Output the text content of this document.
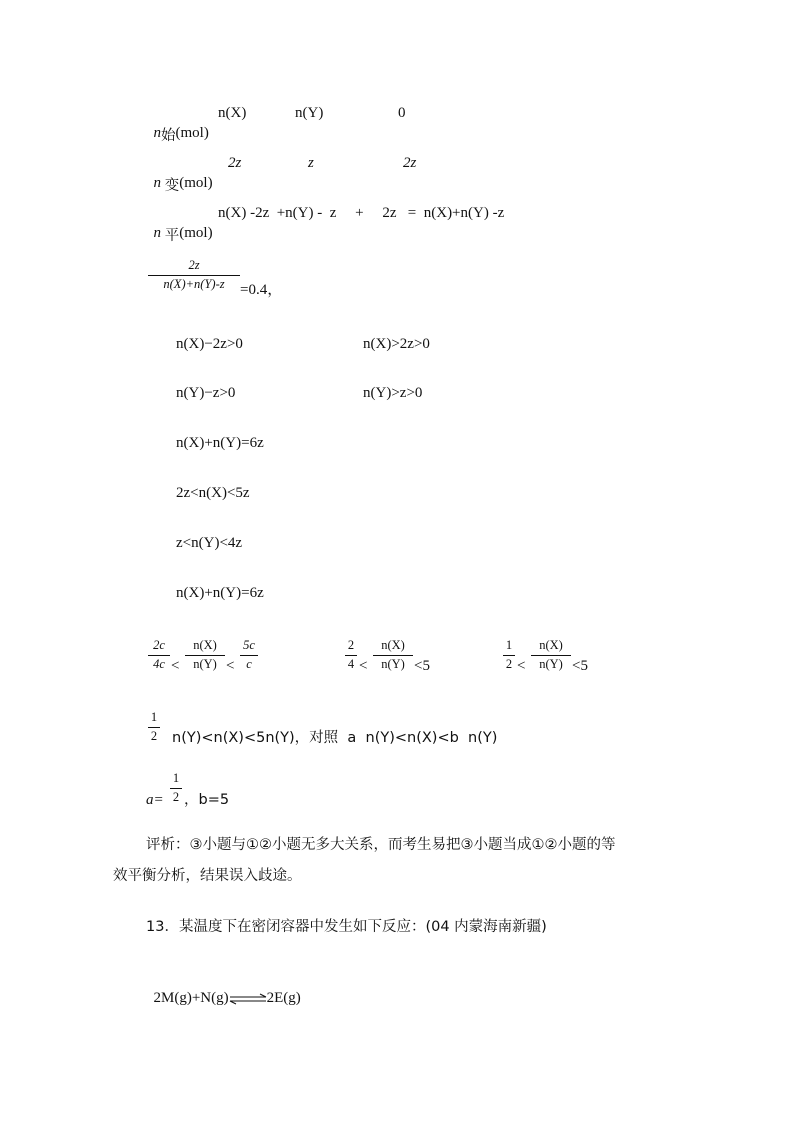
n始(mol)

n(X)	n(Y)	0

n 变(mol)

2z	z	2z

n 平(mol)

n(X) -2z  +n(Y) -  z     +     2z   =  n(X)+n(Y) -z
2z
n(X)+n(Y)-z	=0.4，
n(X)−2z>0	n(X)>2z>0
n(Y)−z>0	n(Y)>z>0
n(X)+n(Y)=6z
2z<n(X)<5z
z<n(Y)<4z
n(X)+n(Y)=6z
2c
4c <
n(X)
n(Y) <
5c
c
2
4 <
n(X)
n(Y) <5
1
2 <
n(X)
n(Y) <5
1
2 n(Y)<n(X)<5n(Y)，对照  a  n(Y)<n(X)<b  n(Y)
a=
1
2 ，b=5
评析：③小题与①②小题无多大关系，而考生易把③小题当成①②小题的等
效平衡分析，结果误入歧途。
13．某温度下在密闭容器中发生如下反应：(04 内蒙海南新疆)

2M(g)+N(g)⇌2E(g)
